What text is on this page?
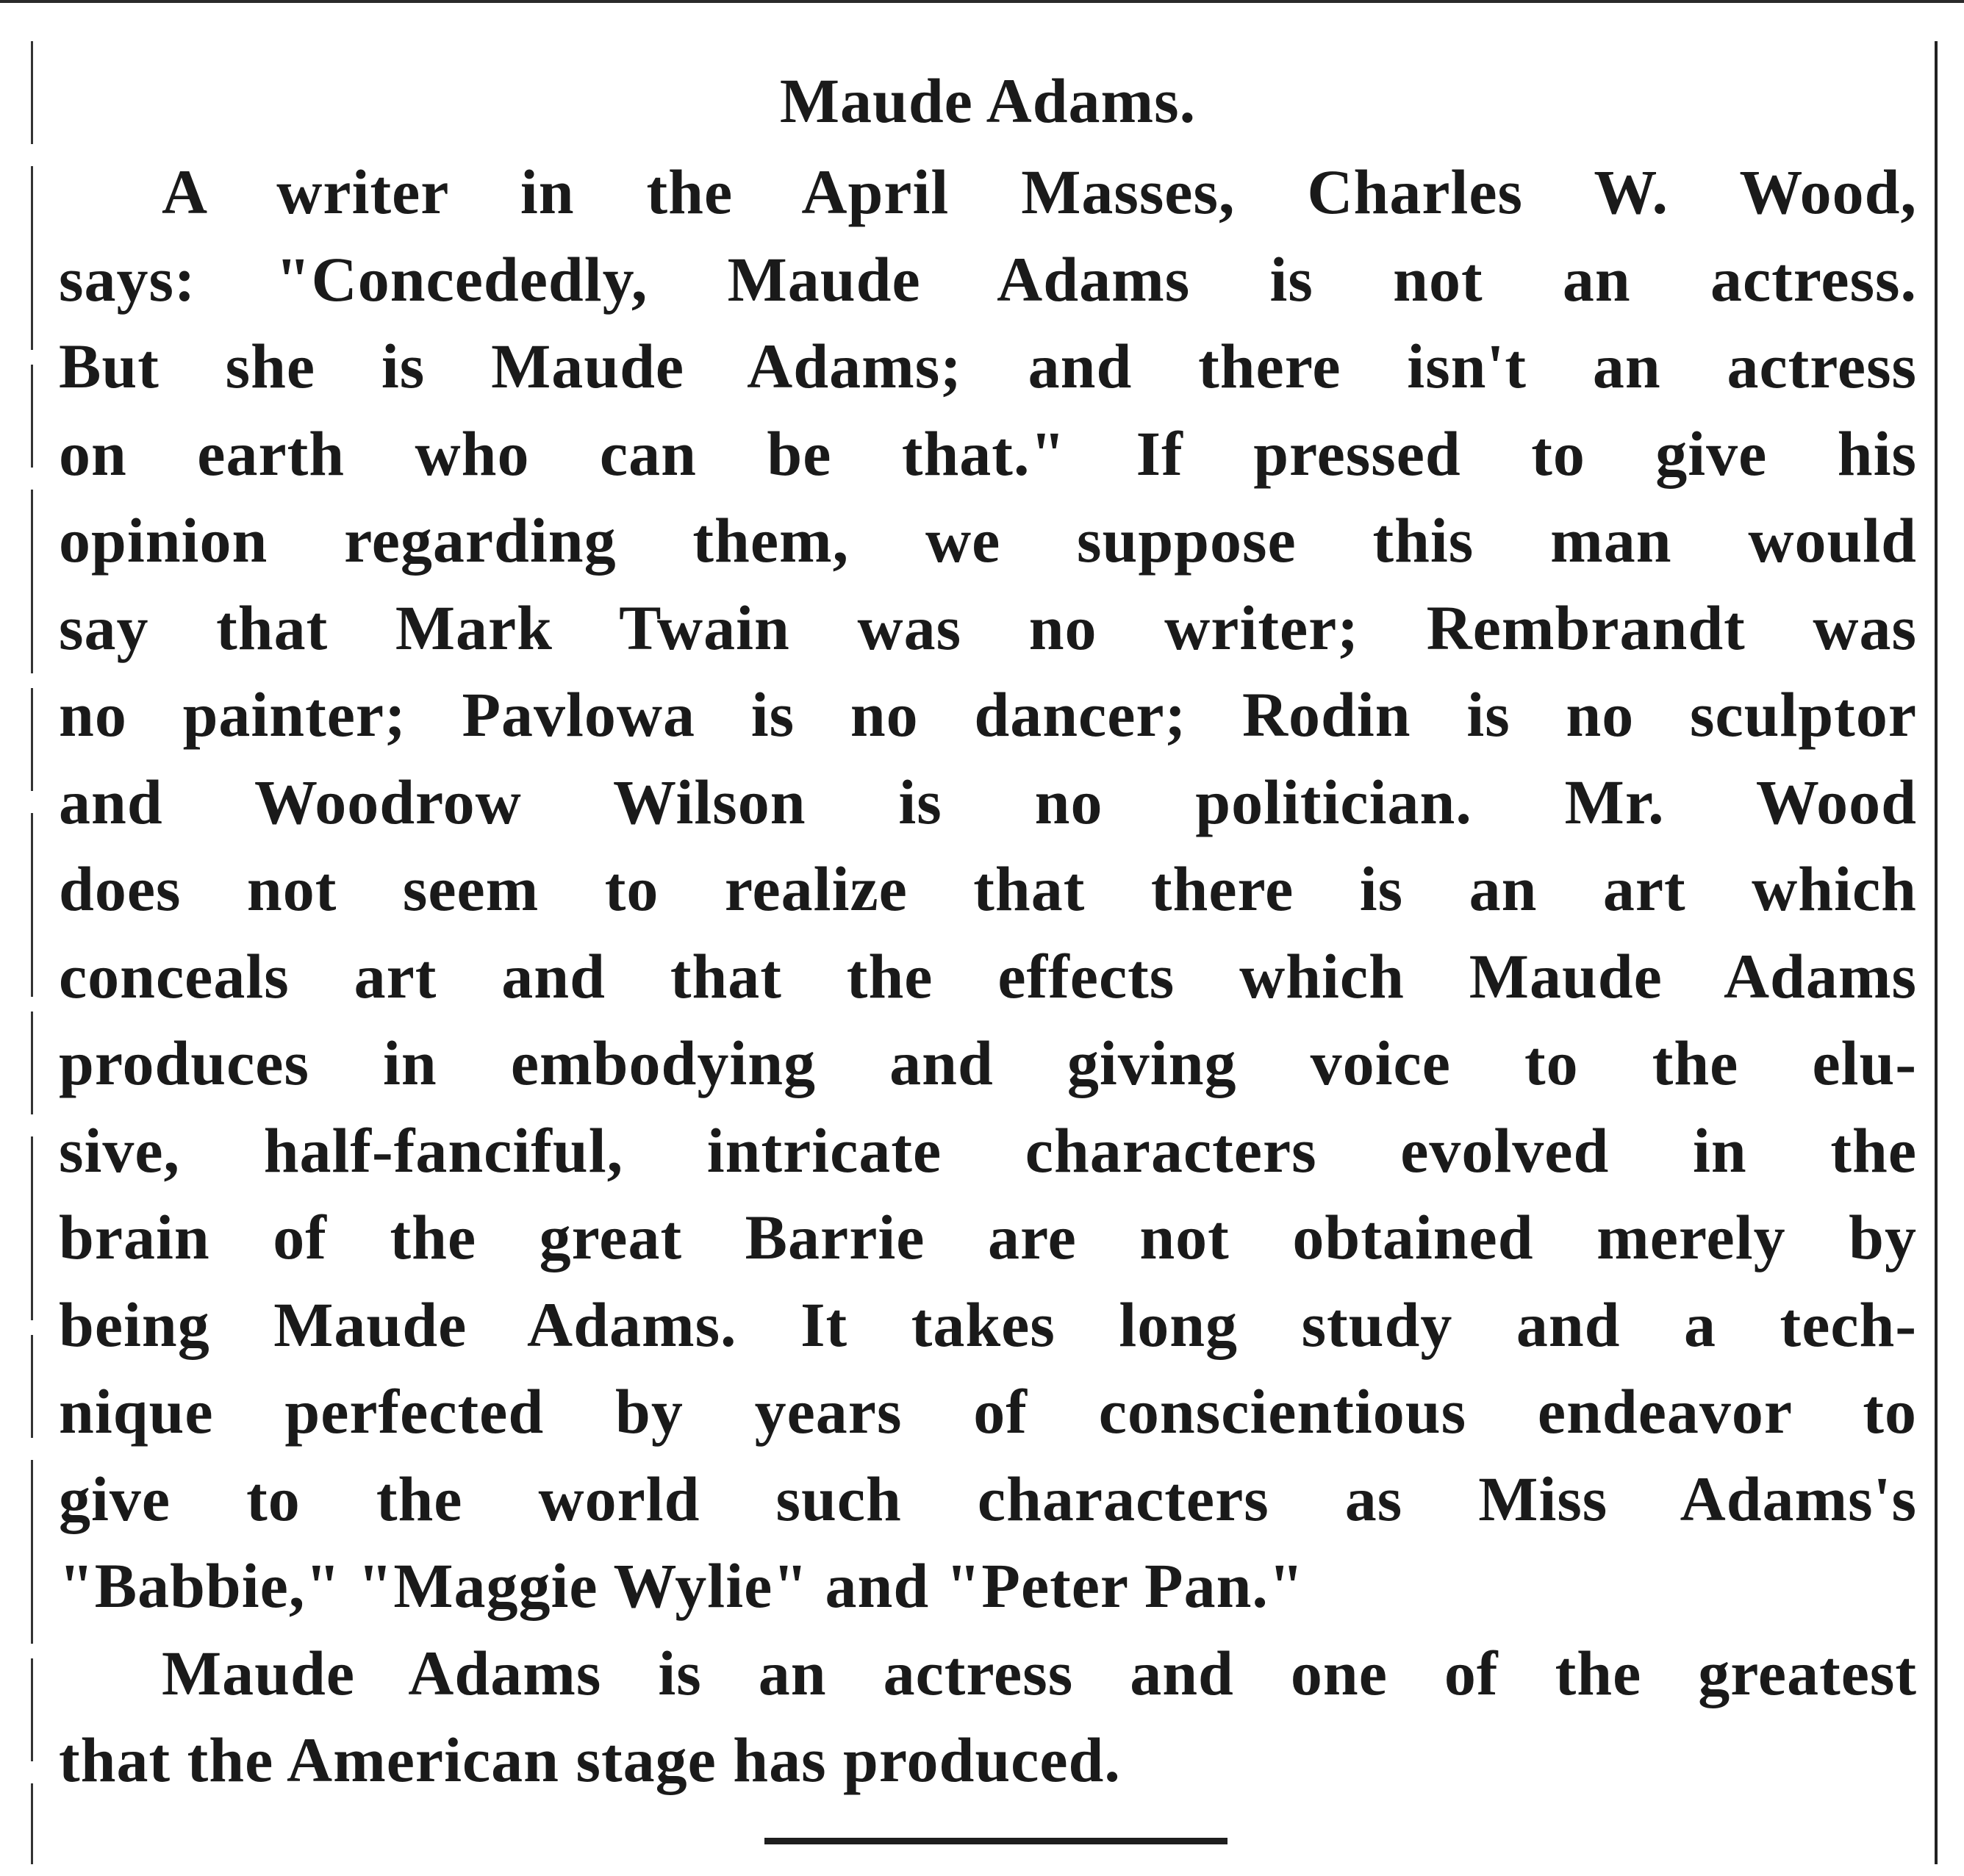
Maude Adams.
A writer in the April Masses, Charles W. Wood,
says: "Concededly, Maude Adams is not an actress.
But she is Maude Adams; and there isn't an actress
on earth who can be that." If pressed to give his
opinion regarding them, we suppose this man would
say that Mark Twain was no writer; Rembrandt was
no painter; Pavlowa is no dancer; Rodin is no sculptor
and Woodrow Wilson is no politician. Mr. Wood
does not seem to realize that there is an art which
conceals art and that the effects which Maude Adams
produces in embodying and giving voice to the elu-
sive, half-fanciful, intricate characters evolved in the
brain of the great Barrie are not obtained merely by
being Maude Adams. It takes long study and a tech-
nique perfected by years of conscientious endeavor to
give to the world such characters as Miss Adams's
"Babbie," "Maggie Wylie" and "Peter Pan."
Maude Adams is an actress and one of the greatest
that the American stage has produced.
